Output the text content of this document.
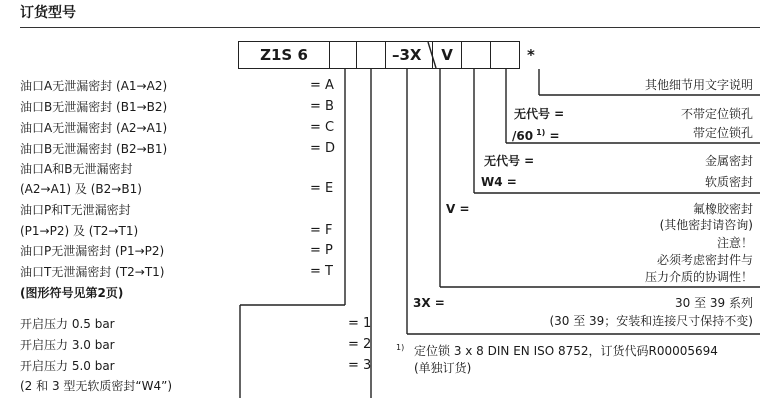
订货型号
Z1S 6	– 3X	V	*
油口A无泄漏密封 (A1→A2)	= A
油口B无泄漏密封 (B1→B2)	= B
油口A无泄漏密封 (A2→A1)	= C
油口B无泄漏密封 (B2→B1)	= D
油口A和B无泄漏密封
(A2→A1) 及 (B2→B1)	= E
油口P和T无泄漏密封
(P1→P2) 及 (T2→T1)	= F
油口P无泄漏密封 (P1→P2)	= P
油口T无泄漏密封 (T2→T1)	= T
(图形符号见第2页)
开启压力 0.5 bar	= 1
开启压力 3.0 bar	= 2
开启压力 5.0 bar	= 3
(2 和 3 型无软质密封“W4”)
其他细节用文字说明
无代号 =	不带定位锁孔
/60 $^{1)}$ =	带定位锁孔
无代号 =	金属密封
W4 =	软质密封
V =	氟橡胶密封
(其他密封请咨询)
注意！
必须考虑密封件与
压力介质的协调性！
3X =	30 至 39 系列
(30 至 39；安装和连接尺寸保持不变)
1) 定位锁 3 x 8 DIN EN ISO 8752，订货代码R00005694
(单独订货)
